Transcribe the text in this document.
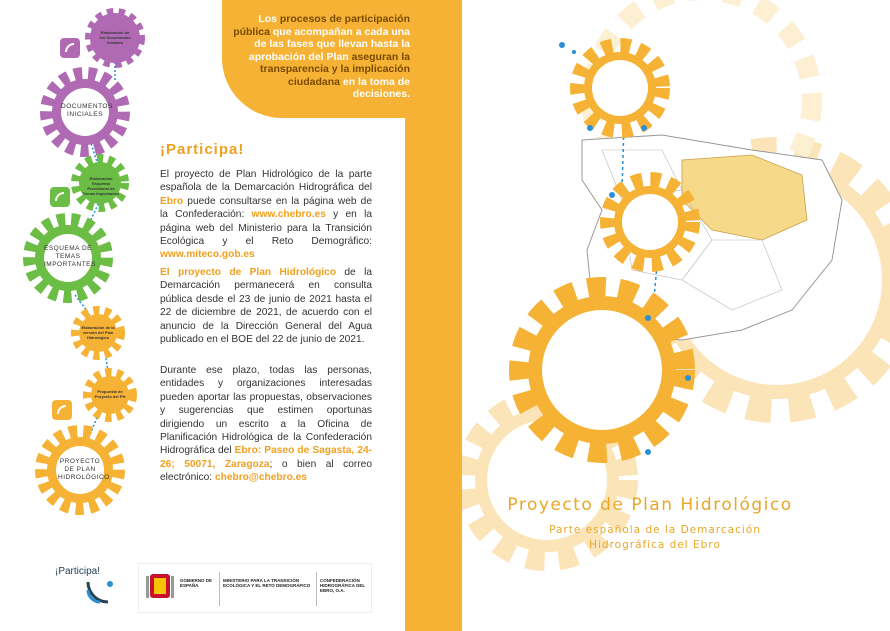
Los procesos de participación pública que acompañan a cada una de las fases que llevan hasta la aprobación del Plan aseguran la transparencia y la implicación ciudadana en la toma de decisiones.
Elaboración de los Documentos Iniciales
DOCUMENTOS INICIALES
Elaboración Esquema Provisional de Temas Importantes
ESQUEMA DE TEMAS IMPORTANTES
Elaboración de la versión del Plan Hidrológico
Propuesta de Proyecto del PH
PROYECTO DE PLAN HIDROLÓGICO
¡Participa!
El proyecto de Plan Hidrológico de la parte española de la Demarcación Hidrográfica del Ebro puede consultarse en la página web de la Confederación: www.chebro.es y en la página web del Ministerio para la Transición Ecológica y el Reto Demográfico: www.miteco.gob.es
El proyecto de Plan Hidrológico de la Demarcación permanecerá en consulta pública desde el 23 de junio de 2021 hasta el 22 de diciembre de 2021, de acuerdo con el anuncio de la Dirección General del Agua publicado en el BOE del 22 de junio de 2021.
Durante ese plazo, todas las personas, entidades y organizaciones interesadas pueden aportar las propuestas, observaciones y sugerencias que estimen oportunas dirigiendo un escrito a la Oficina de Planificación Hidrológica de la Confederación Hidrográfica del Ebro: Paseo de Sagasta, 24-26; 50071, Zaragoza; o bien al correo electrónico: chebro@chebro.es
¡Participa!
GOBIERNO DE ESPAÑA
MINISTERIO PARA LA TRANSICIÓN ECOLÓGICA Y EL RETO DEMOGRÁFICO
CONFEDERACIÓN HIDROGRÁFICA DEL EBRO, O.A.
Proyecto de Plan Hidrológico
Parte española de la Demarcación
Hidrográfica del Ebro
